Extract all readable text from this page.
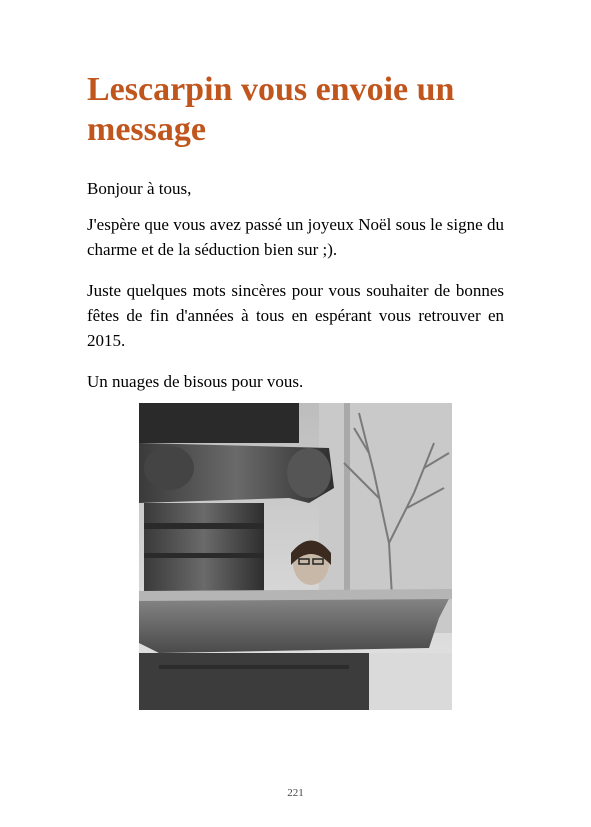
Lescarpin vous envoie un message

Bonjour à tous,

J'espère que vous avez passé un joyeux Noël sous le signe du charme et de la séduction bien sur ;).

Juste quelques mots sincères pour vous souhaiter de bonnes fêtes de fin d'années à tous en espérant vous retrouver en 2015.

Un nuages de bisous pour vous.

221
